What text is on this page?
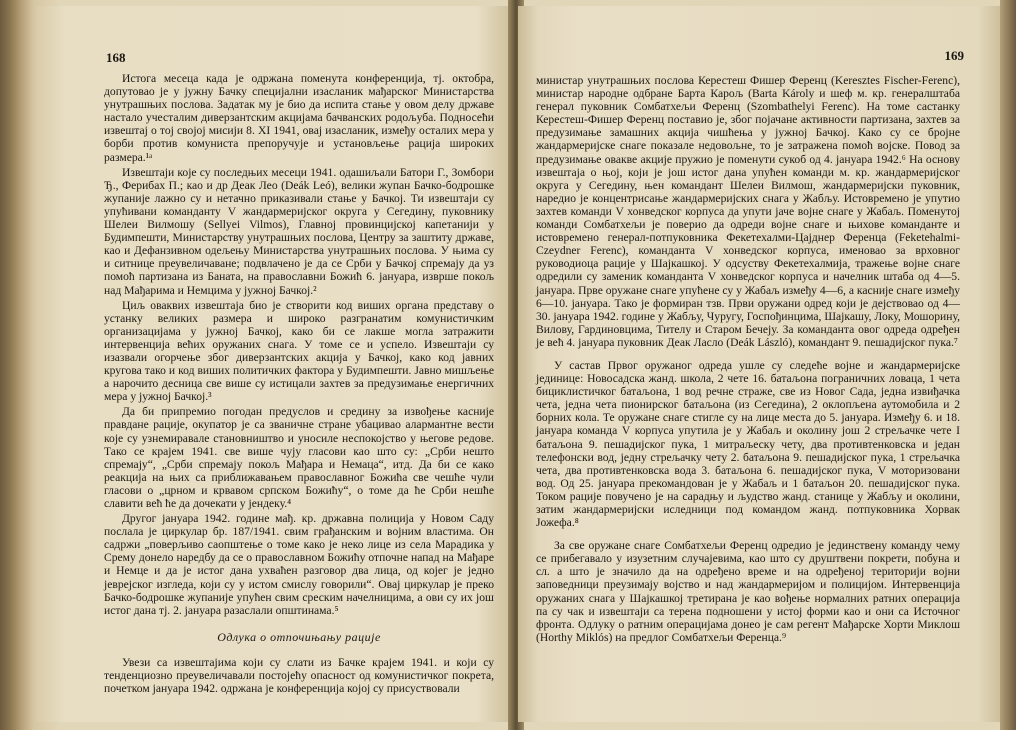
168

Истога месеца када је одржана поменута конференција, тј. октобра, допутовао је у јужну Бачку специјални изасланик мађарског Министарства унутрашњих послова. Задатак му је био да испита стање у овом делу државе настало учесталим диверзантским акцијама бачванских родољуба. Подносећи извештај о тој својој мисији 8. XI 1941, овај изасланик, између осталих мера у борби против комуниста препоручује и установљење рација широких размера.¹ᵃ

Извештаји које су последњих месеци 1941. одашиљали Батори Г., Зомбори Ђ., Ферибах П.; као и др Деак Лео (Deák Leó), велики жупан Бачко-бодрошке жупаније лажно су и нетачно приказивали стање у Бачкој. Ти извештаји су упућивани команданту V жандармеријског округа у Сегедину, пуковнику Шелеи Вилмошу (Sellyei Vilmos), Главној провинцијској капетанији у Будимпешти, Министарству унутрашњих послова, Центру за заштиту државе, као и Дефанзивном одељењу Министарства унутрашњих послова. У њима су и ситнице преувеличаване; подвлачено је да се Срби у Бачкој спремају да уз помоћ партизана из Баната, на православни Божић 6. јануара, изврше покољ над Мађарима и Немцима у јужној Бачкој.²

Циљ оваквих извештаја био је створити код виших органа представу о устанку великих размера и широко разгранатим комунистичким организацијама у јужној Бачкој, како би се лакше могла затражити интервенција већих оружаних снага. У томе се и успело. Извештаји су изазвали огорчење због диверзантских акција у Бачкој, како код јавних кругова тако и код виших политичких фактора у Будимпешти. Јавно мишљење а нарочито десница све више су истицали захтев за предузимање енергичних мера у јужној Бачкој.³

Да би припремио погодан предуслов и средину за извођење касније правдане рације, окупатор је са званичне стране убацивао алармантне вести које су узнемиравале становништво и уносиле неспокојство у његове редове. Тако се крајем 1941. све више чују гласови као што су: „Срби нешто спремају“, „Срби спремају покољ Мађара и Немаца“, итд. Да би се како реакција на њих са приближавањем православног Божића све чешће чули гласови о „црном и крвавом српском Божићу“, о томе да ће Срби нешће славити већ ће да дочекати у јендеку.⁴

Другог јануара 1942. године мађ. кр. државна полиција у Новом Саду послала је циркулар бр. 187/1941. свим грађанским и војним властима. Он садржи „поверљиво саопштење о томе како је неко лице из села Марадика у Срему донело наредбу да се о православном Божићу отпочне напад на Мађаре и Немце и да је истог дана ухваћен разговор два лица, од којег је једно јеврејског изгледа, који су у истом смислу говорили“. Овај циркулар је преко Бачко-бодрошке жупаније упућен свим среским начелницима, а ови су их још истог дана тј. 2. јануара разаслали општинама.⁵

Одлука о отпочињању рације

Увези са извештајима који су слати из Бачке крајем 1941. и који су тенденциозно преувеличавали постојећу опасност од комунистичког покрета, почетком јануара 1942. одржана је конференција којој су присуствовали

169

министар унутрашњих послова Керестеш Фишер Ференц (Keresztes Fischer-Ferenc), министар народне одбране Барта Карољ (Barta Károly и шеф м. кр. генералштаба генерал пуковник Сомбатхељи Ференц (Szombathelyi Ferenc). На томе састанку Керестеш-Фишер Ференц поставио је, због појачане активности партизана, захтев за предузимање замашних акција чишћења у јужној Бачкој. Како су се бројне жандармеријске снаге показале недовољне, то је затражена помоћ војске. Повод за предузимање овакве акције пружио је поменути сукоб од 4. јануара 1942.⁶ На основу извештаја о њој, који је још истог дана упућен команди м. кр. жандармеријског округа у Сегедину, њен командант Шелеи Вилмош, жандармеријски пуковник, наредио је концентрисање жандармеријских снага у Жабљу. Истовремено је упутио захтев команди V хонведског корпуса да упути јаче војне снаге у Жабаљ. Поменутој команди Сомбатхељи је поверио да одреди војне снаге и њихове команданте и истовремено генерал-потпуковника Фекетехалми-Цајднер Ференца (Feketehalmi-Czeydner Ferenc), команданта V хонведског корпуса, именовао за врховног руководиоца рације у Шајкашкој. У одсуству Фекетехалмија, тражење војне снаге одредили су заменик команданта V хонведског корпуса и начелник штаба од 4—5. јануара. Прве оружане снаге упућене су у Жабаљ између 4—6, а касније снаге између 6—10. јануара. Тако је формиран тзв. Први оружани одред који је дејствовао од 4—30. јануара 1942. године у Жабљу, Чуругу, Госпођинцима, Шајкашу, Локу, Мошорину, Вилову, Гардиновцима, Тителу и Старом Бечеју. За команданта овог одреда одређен је већ 4. јануара пуковник Деак Ласло (Deák László), командант 9. пешадијског пука.⁷

У састав Првог оружаног одреда ушле су следеће војне и жандармеријске јединице: Новосадска жанд. школа, 2 чете 16. батаљона пограничних ловаца, 1 чета бициклистичког батаљона, 1 вод речне страже, све из Новог Сада, једна извиђачка чета, једна чета пионирског батаљона (из Сегедина), 2 оклопљена аутомобила и 2 борних кола. Те оружане снаге стигле су на лице места до 5. јануара. Између 6. и 18. јануара команда V корпуса упутила је у Жабаљ и околину још 2 стрељачке чете I батаљона 9. пешадијског пука, 1 митраљеску чету, два противтенковска и један телефонски вод, једну стрељачку чету 2. батаљона 9. пешадијског пука, 1 стрељачка чета, два противтенковска вода 3. батаљона 6. пешадијског пука, V моторизовани вод. Од 25. јануара прекомандован је у Жабаљ и 1 батаљон 20. пешадијског пука. Током рације повучено је на сарадњу и људство жанд. станице у Жабљу и околини, затим жандармеријски иследници под командом жанд. потпуковника Хорвак Јожефа.⁸

За све оружане снаге Сомбатхељи Ференц одредио је јединствену команду чему се прибегавало у изузетним случајевима, као што су друштвени покрети, побуна и сл. а што је значило да на одређено време и на одређеној територији војни заповедници преузимају војство и над жандармеријом и полицијом. Интервенција оружаних снага у Шајкашкој третирана је као вођење нормалних ратних операција па су чак и извештаји са терена подношени у истој форми као и они са Источног фронта. Одлуку о ратним операцијама донео је сам регент Мађарске Хорти Миклош (Horthy Miklós) на предлог Сомбатхељи Ференца.⁹
